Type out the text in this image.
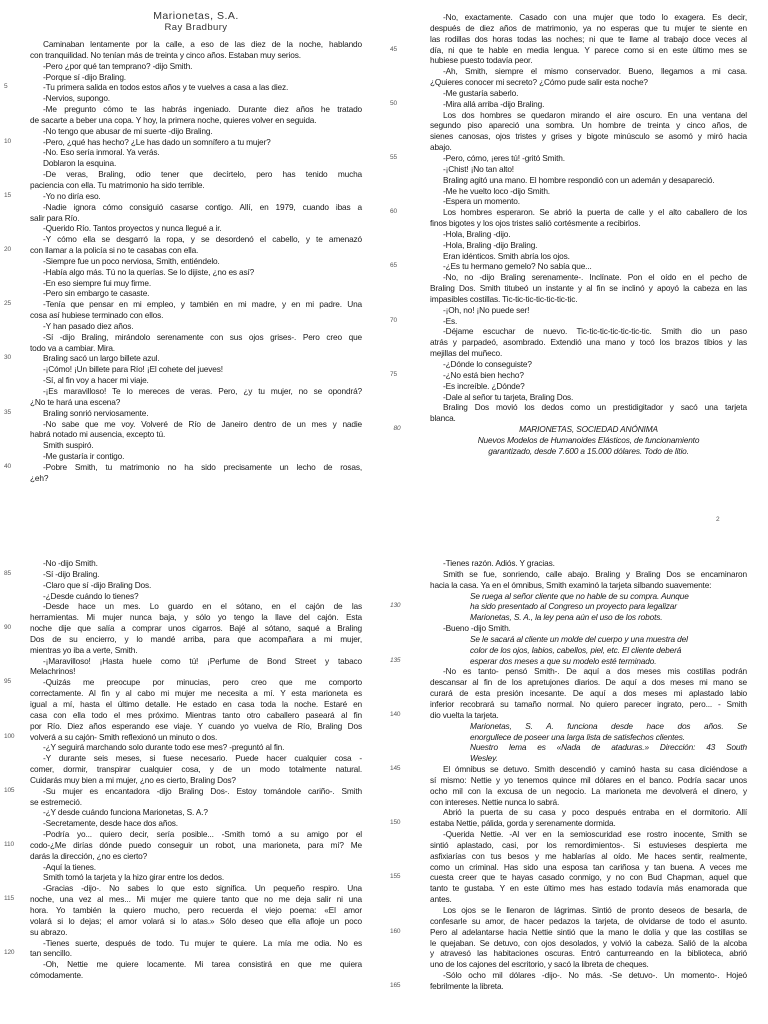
Marionetas, S.A.
Ray Bradbury
Caminaban lentamente por la calle, a eso de las diez de la noche, hablando
con tranquilidad. No tenían más de treinta y cinco años. Estaban muy serios.
-Pero ¿por qué tan temprano? -dijo Smith.
-Porque sí -dijo Braling.
5	-Tu primera salida en todos estos años y te vuelves a casa a las diez.
-Nervios, supongo.
-Me pregunto cómo te las habrás ingeniado. Durante diez años he tratado
de sacarte a beber una copa. Y hoy, la primera noche, quieres volver en seguida.
-No tengo que abusar de mi suerte -dijo Braling.
10	-Pero, ¿qué has hecho? ¿Le has dado un somnífero a tu mujer?
-No. Eso sería inmoral. Ya verás.
Doblaron la esquina.
-De veras, Braling, odio tener que decírtelo, pero has tenido mucha
paciencia con ella. Tu matrimonio ha sido terrible.
15	-Yo no diría eso.
-Nadie ignora cómo consiguió casarse contigo. Allí, en 1979, cuando ibas a
salir para Río.
-Querido Río. Tantos proyectos y nunca llegué a ir.
-Y cómo ella se desgarró la ropa, y se desordenó el cabello, y te amenazó
20	con llamar a la policía si no te casabas con ella.
-Siempre fue un poco nerviosa, Smith, entiéndelo.
-Había algo más. Tú no la querías. Se lo dijiste, ¿no es así?
-En eso siempre fui muy firme.
-Pero sin embargo te casaste.
25	-Tenía que pensar en mi empleo, y también en mi madre, y en mi padre. Una
cosa así hubiese terminado con ellos.
-Y han pasado diez años.
-Sí -dijo Braling, mirándolo serenamente con sus ojos grises-. Pero creo que
todo va a cambiar. Mira.
30	Braling sacó un largo billete azul.
-¡Cómo! ¡Un billete para Río! ¡El cohete del jueves!
-Sí, al fin voy a hacer mi viaje.
-¡Es maravilloso! Te lo mereces de veras. Pero, ¿y tu mujer, no se opondrá?
¿No te hará una escena?
35	Braling sonrió nerviosamente.
-No sabe que me voy. Volveré de Río de Janeiro dentro de un mes y nadie
habrá notado mi ausencia, excepto tú.
Smith suspiró.
-Me gustaría ir contigo.
40	-Pobre Smith, tu matrimonio no ha sido precisamente un lecho de rosas,
¿eh?
-No, exactamente. Casado con una mujer que todo lo exagera. Es decir,
después de diez años de matrimonio, ya no esperas que tu mujer te siente en
las rodillas dos horas todas las noches; ni que te llame al trabajo doce veces al
45	día, ni que te hable en media lengua. Y parece como si en este último mes se
hubiese puesto todavía peor.
-Ah, Smith, siempre el mismo conservador. Bueno, llegamos a mi casa.
¿Quieres conocer mi secreto? ¿Cómo pude salir esta noche?
-Me gustaría saberlo.
50	-Mira allá arriba -dijo Braling.
Los dos hombres se quedaron mirando el aire oscuro. En una ventana del
segundo piso apareció una sombra. Un hombre de treinta y cinco años, de
sienes canosas, ojos tristes y grises y bigote minúsculo se asomó y miró hacia
abajo.
55	-Pero, cómo, ¡eres tú! -gritó Smith.
-¡Chist! ¡No tan alto!
Braling agitó una mano. El hombre respondió con un ademán y desapareció.
-Me he vuelto loco -dijo Smith.
-Espera un momento.
60	Los hombres esperaron. Se abrió la puerta de calle y el alto caballero de los
finos bigotes y los ojos tristes salió cortésmente a recibirlos.
-Hola, Braling -dijo.
-Hola, Braling -dijo Braling.
Eran idénticos. Smith abría los ojos.
65	-¿Es tu hermano gemelo? No sabía que...
-No, no -dijo Braling serenamente-. Inclínate. Pon el oído en el pecho de
Braling Dos. Smith titubeó un instante y al fin se inclinó y apoyó la cabeza en las
impasibles costillas. Tic-tic-tic-tic-tic-tic-tic.
-¡Oh, no! ¡No puede ser!
70	-Es.
-Déjame escuchar de nuevo. Tic-tic-tic-tic-tic-tic-tic. Smith dio un paso
atrás y parpadeó, asombrado. Extendió una mano y tocó los brazos tibios y las
mejillas del muñeco.
-¿Dónde lo conseguiste?
75	-¿No está bien hecho?
-Es increíble. ¿Dónde?
-Dale al señor tu tarjeta, Braling Dos.
Braling Dos movió los dedos como un prestidigitador y sacó una tarjeta
blanca.
80	MARIONETAS, SOCIEDAD ANÓNIMA
Nuevos Modelos de Humanoides Elásticos, de funcionamiento
garantizado, desde 7.600 a 15.000 dólares. Todo de litio.
-No -dijo Smith.
85	-Sí -dijo Braling.
-Claro que sí -dijo Braling Dos.
-¿Desde cuándo lo tienes?
-Desde hace un mes. Lo guardo en el sótano, en el cajón de las
herramientas. Mi mujer nunca baja, y sólo yo tengo la llave del cajón. Esta
90	noche dije que salía a comprar unos cigarros. Bajé al sótano, saqué a Braling
Dos de su encierro, y lo mandé arriba, para que acompañara a mi mujer,
mientras yo iba a verte, Smith.
-¡Maravilloso! ¡Hasta huele como tú! ¡Perfume de Bond Street y tabaco
Melachrinos!
95	-Quizás me preocupe por minucias, pero creo que me comporto
correctamente. Al fin y al cabo mi mujer me necesita a mí. Y esta marioneta es
igual a mí, hasta el último detalle. He estado en casa toda la noche. Estaré en
casa con ella todo el mes próximo. Mientras tanto otro caballero paseará al fin
por Río. Diez años esperando ese viaje. Y cuando yo vuelva de Río, Braling Dos
100	volverá a su cajón- Smith reflexionó un minuto o dos.
-¿Y seguirá marchando solo durante todo ese mes? -preguntó al fin.
-Y durante seis meses, si fuese necesario. Puede hacer cualquier cosa -
comer, dormir, transpirar cualquier cosa, y de un modo totalmente natural.
Cuidarás muy bien a mi mujer, ¿no es cierto, Braling Dos?
105	-Su mujer es encantadora -dijo Braling Dos-. Estoy tomándole cariño-. Smith
se estremeció.
-¿Y desde cuándo funciona Marionetas, S. A.?
-Secretamente, desde hace dos años.
-Podría yo... quiero decir, sería posible... -Smith tomó a su amigo por el
110	codo-¿Me dirías dónde puedo conseguir un robot, una marioneta, para mí? Me
darás la dirección, ¿no es cierto?
-Aquí la tienes.
Smith tomó la tarjeta y la hizo girar entre los dedos.
-Gracias -dijo-. No sabes lo que esto significa. Un pequeño respiro. Una
115	noche, una vez al mes... Mi mujer me quiere tanto que no me deja salir ni una
hora. Yo también la quiero mucho, pero recuerda el viejo poema: «El amor
volará si lo dejas; el amor volará si lo atas.» Sólo deseo que ella afloje un poco
su abrazo.
-Tienes suerte, después de todo. Tu mujer te quiere. La mía me odia. No es
120	tan sencillo.
-Oh, Nettie me quiere locamente. Mi tarea consistirá en que me quiera
cómodamente.
-Tienes razón. Adiós. Y gracias.
Smith se fue, sonriendo, calle abajo. Braling y Braling Dos se encaminaron
hacia la casa. Ya en el ómnibus, Smith examinó la tarjeta silbando suavemente:
Se ruega al señor cliente que no hable de su compra. Aunque
130	ha sido presentado al Congreso un proyecto para legalizar
Marionetas, S. A., la ley pena aún el uso de los robots.
-Bueno -dijo Smith.
Se le sacará al cliente un molde del cuerpo y una muestra del
color de los ojos, labios, cabellos, piel, etc. El cliente deberá
135	esperar dos meses a que su modelo esté terminado.
-No es tanto- pensó Smith-. De aquí a dos meses mis costillas podrán
descansar al fin de los apretujones diarios. De aquí a dos meses mi mano se
curará de esta presión incesante. De aquí a dos meses mi aplastado labio
inferior recobrará su tamaño normal. No quiero parecer ingrato, pero... - Smith
140	dio vuelta la tarjeta.
Marionetas, S. A. funciona desde hace dos años. Se
enorgullece de poseer una larga lista de satisfechos clientes.
Nuestro lema es «Nada de ataduras.» Dirección: 43 South
Wesley.
145	El ómnibus se detuvo. Smith descendió y caminó hasta su casa diciéndose a
sí mismo: Nettie y yo tenemos quince mil dólares en el banco. Podría sacar unos
ocho mil con la excusa de un negocio. La marioneta me devolverá el dinero, y
con intereses. Nettie nunca lo sabrá.
Abrió la puerta de su casa y poco después entraba en el dormitorio. Allí
150	estaba Nettie, pálida, gorda y serenamente dormida.
-Querida Nettie. -Al ver en la semioscuridad ese rostro inocente, Smith se
sintió aplastado, casi, por los remordimientos-. Si estuvieses despierta me
asfixiarías con tus besos y me hablarías al oído. Me haces sentir, realmente,
como un criminal. Has sido una esposa tan cariñosa y tan buena. A veces me
155	cuesta creer que te hayas casado conmigo, y no con Bud Chapman, aquel que
tanto te gustaba. Y en este último mes has estado todavía más enamorada que
antes.
Los ojos se le llenaron de lágrimas. Sintió de pronto deseos de besarla, de
confesarle su amor, de hacer pedazos la tarjeta, de olvidarse de todo el asunto.
160	Pero al adelantarse hacia Nettie sintió que la mano le dolía y que las costillas se
le quejaban. Se detuvo, con ojos desolados, y volvió la cabeza. Salió de la alcoba
y atravesó las habitaciones oscuras. Entró canturreando en la biblioteca, abrió
uno de los cajones del escritorio, y sacó la libreta de cheques.
-Sólo ocho mil dólares -dijo-. No más. -Se detuvo-. Un momento-. Hojeó
165	febrilmente la libreta.
2
